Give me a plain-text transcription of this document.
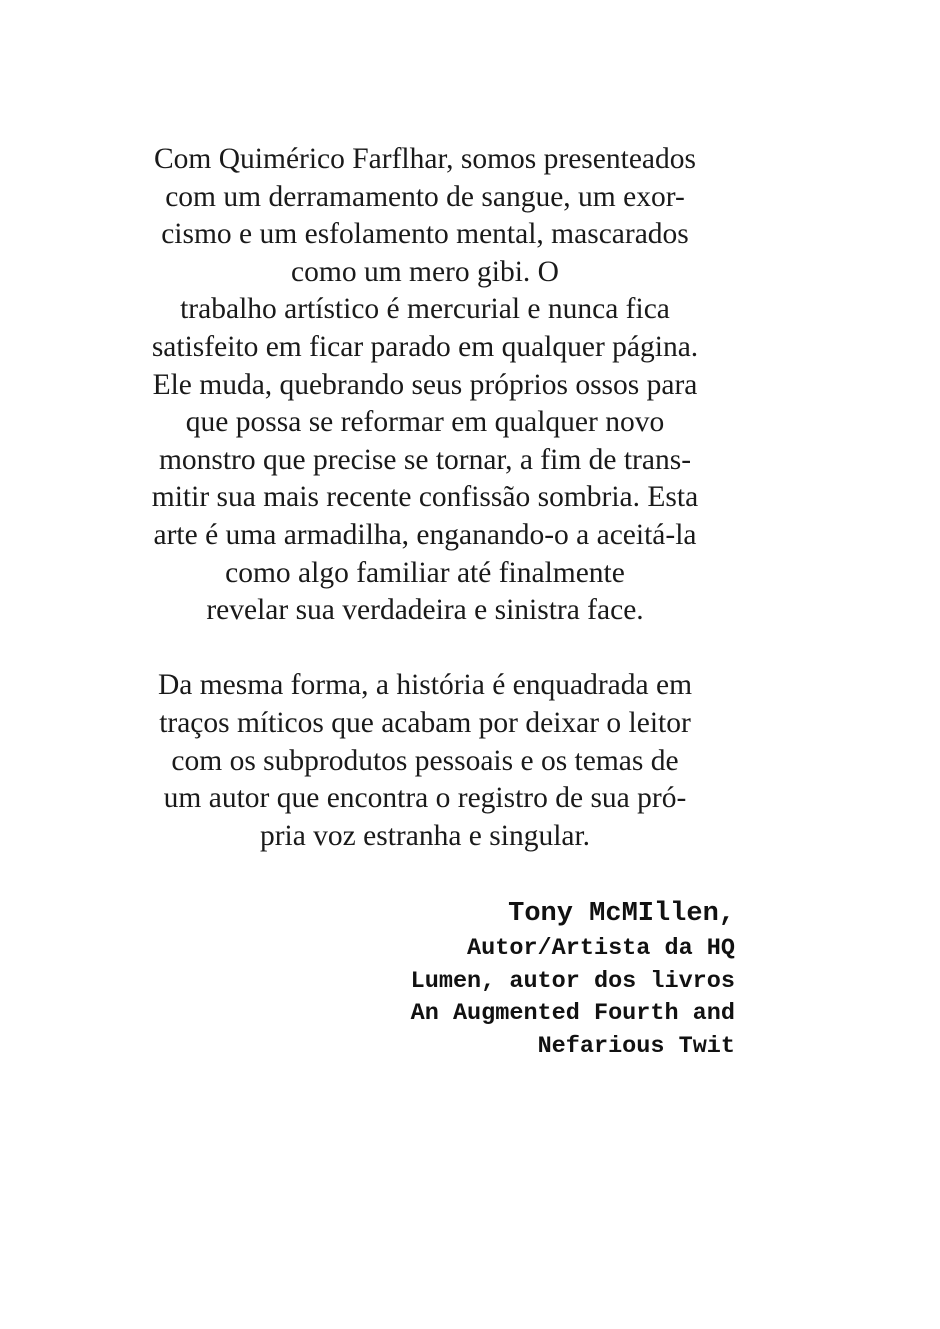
Com Quimérico Farflhar, somos presenteados
com um derramamento de sangue, um exor-
cismo e um esfolamento mental, mascarados
como um mero gibi. O
trabalho artístico é mercurial e nunca fica
satisfeito em ficar parado em qualquer página.
Ele muda, quebrando seus próprios ossos para
que possa se reformar em qualquer novo
monstro que precise se tornar, a fim de trans-
mitir sua mais recente confissão sombria. Esta
arte é uma armadilha, enganando-o a aceitá-la
como algo familiar até finalmente
revelar sua verdadeira e sinistra face.

Da mesma forma, a história é enquadrada em
traços míticos que acabam por deixar o leitor
com os subprodutos pessoais e os temas de
um autor que encontra o registro de sua pró-
pria voz estranha e singular.

Tony McMIllen,
Autor/Artista da HQ
Lumen, autor dos livros
An Augmented Fourth and
Nefarious Twit
